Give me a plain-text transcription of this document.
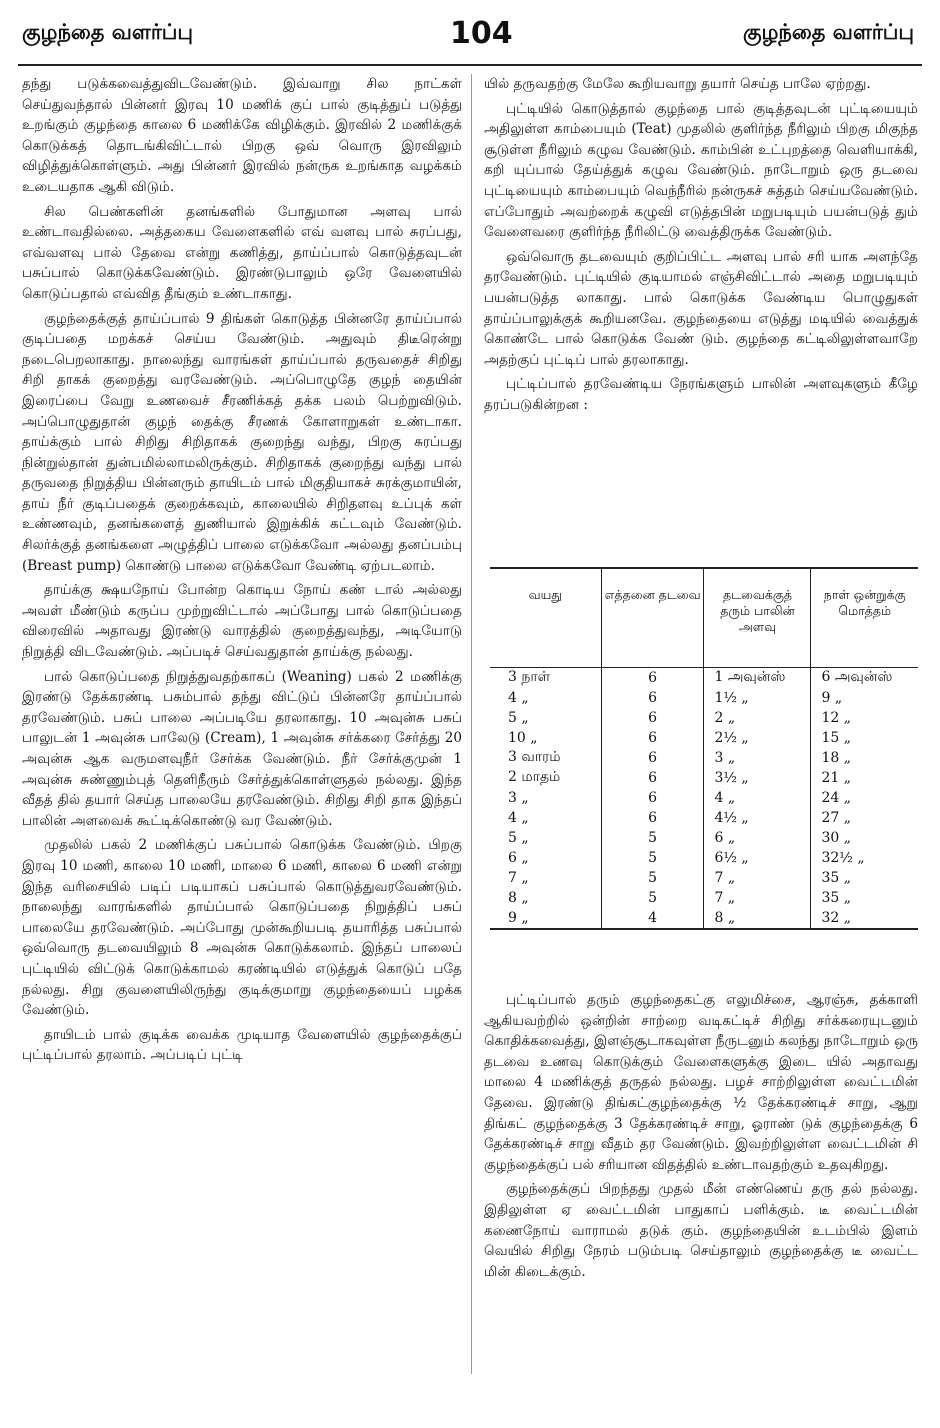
குழந்தை வளர்ப்பு	104	குழந்தை வளர்ப்பு

தந்து படுக்கவைத்துவிடவேண்டும். இவ்வாறு சில நாட்கள் செய்துவந்தால் பின்னர் இரவு 10 மணிக் குப் பால் குடித்துப் படுத்து உறங்கும் குழந்தை காலை 6 மணிக்கே விழிக்கும். இரவில் 2 மணிக்குக் கொடுக்கத் தொடங்கிவிட்டால் பிறகு ஒவ் வொரு இரவிலும் விழித்துக்கொள்ளும். அது பின்னர் இரவில் நன்ருக உறங்காத வழக்கம் உடையதாக ஆகி விடும்.

சில பெண்களின் தனங்களில் போதுமான அளவு பால் உண்டாவதில்லை. அத்தகைய வேளைகளில் எவ் வளவு பால் சுரப்பது, எவ்வளவு பால் தேவை என்று கணித்து, தாய்ப்பால் கொடுத்தவுடன் பசுப்பால் கொடுக்கவேண்டும். இரண்டுபாலும் ஒரே வேளையில் கொடுப்பதால் எவ்வித தீங்கும் உண்டாகாது.

குழந்தைக்குத் தாய்ப்பால் 9 திங்கள் கொடுத்த பின்னரே தாய்ப்பால் குடிப்பதை மறக்கச் செய்ய வேண்டும். அதுவும் திடீரென்று நடைபெறலாகாது. நாலைந்து வாரங்கள் தாய்ப்பால் தருவதைச் சிறிது சிறி தாகக் குறைத்து வரவேண்டும். அப்பொழுதே குழந் தையின் இரைப்பை வேறு உணவைச் சீரணிக்கத் தக்க பலம் பெற்றுவிடும். அப்பொழுதுதான் குழந் தைக்கு சீரணக் கோளாறுகள் உண்டாகா. தாய்க்கும் பால் சிறிது சிறிதாகக் குறைந்து வந்து, பிறகு சுரப்பது நின்றுல்தான் துன்பமில்லாமலிருக்கும். சிறிதாகக் குறைந்து வந்து பால் தருவதை நிறுத்திய பின்னரும் தாயிடம் பால் மிகுதியாகச் சுரக்குமாயின், தாய் நீர் குடிப்பதைக் குறைக்கவும், காலையில் சிறிதளவு உப்புக் கள் உண்ணவும், தனங்களைத் துணியால் இறுக்கிக் கட்டவும் வேண்டும். சிலர்க்குத் தனங்களை அழுத்திப் பாலை எடுக்கவோ அல்லது தனப்பம்பு (Breast pump) கொண்டு பாலை எடுக்கவோ வேண்டி ஏற்படலாம்.

தாய்க்கு க்ஷயநோய் போன்ற கொடிய நோய் கண் டால் அல்லது அவள் மீண்டும் கருப்ப முற்றுவிட்டால் அப்போது பால் கொடுப்பதை விரைவில் அதாவது இரண்டு வாரத்தில் குறைத்துவந்து, அடியோடு நிறுத்தி விடவேண்டும். அப்படிச் செய்வதுதான் தாய்க்கு நல்லது.

பால் கொடுப்பதை நிறுத்துவதற்காகப் (Weaning) பகல் 2 மணிக்கு இரண்டு தேக்கரண்டி பசும்பால் தந்து விட்டுப் பின்னரே தாய்ப்பால் தரவேண்டும். பசுப் பாலை அப்படியே தரலாகாது. 10 அவுன்சு பசுப் பாலுடன் 1 அவுன்சு பாலேடு (Cream), 1 அவுன்சு சர்க்கரை சேர்த்து 20 அவுன்சு ஆக வருமளவுநீர் சேர்க்க வேண்டும். நீர் சேர்க்குமுன் 1 அவுன்சு சுண்ணும்புத் தெளிநீரும் சேர்த்துக்கொள்ளுதல் நல்லது. இந்த வீதத் தில் தயார் செய்த பாலையே தரவேண்டும். சிறிது சிறி தாக இந்தப் பாலின் அளவைக் கூட்டிக்கொண்டு வர வேண்டும்.

முதலில் பகல் 2 மணிக்குப் பசுப்பால் கொடுக்க வேண்டும். பிறகு இரவு 10 மணி, காலை 10 மணி, மாலை 6 மணி, காலை 6 மணி என்று இந்த வரிசையில் படிப் படியாகப் பசுப்பால் கொடுத்துவரவேண்டும். நாலைந்து வாரங்களில் தாய்ப்பால் கொடுப்பதை நிறுத்திப் பசுப் பாலையே தரவேண்டும். அப்போது முன்கூறியபடி தயாரித்த பசுப்பால் ஒவ்வொரு தடவையிலும் 8 அவுன்சு கொடுக்கலாம். இந்தப் பாலைப் புட்டியில் விட்டுக் கொடுக்காமல் கரண்டியில் எடுத்துக் கொடுப் பதே நல்லது. சிறு குவளையிலிருந்து குடிக்குமாறு குழந்தையைப் பழக்க வேண்டும்.

தாயிடம் பால் குடிக்க வைக்க முடியாத வேளையில் குழந்தைக்குப் புட்டிப்பால் தரலாம். அப்படிப் புட்டி

யில் தருவதற்கு மேலே கூறியவாறு தயார் செய்த பாலே ஏற்றது.

புட்டியில் கொடுத்தால் குழந்தை பால் குடித்தவுடன் புட்டியையும் அதிலுள்ள காம்பையும் (Teat) முதலில் குளிர்ந்த நீரிலும் பிறகு மிகுந்த சூடுள்ள நீரிலும் கழுவ வேண்டும். காம்பின் உட்புறத்தை வெளியாக்கி, கறி யுப்பால் தேய்த்துக் கழுவ வேண்டும். நாடோறும் ஒரு தடவை புட்டியையும் காம்பையும் வெந்நீரில் நன்ருகச் சுத்தம் செய்யவேண்டும். எப்போதும் அவற்றைக் கழுவி எடுத்தபின் மறுபடியும் பயன்படுத் தும் வேளைவரை குளிர்ந்த நீரிலிட்டு வைத்திருக்க வேண்டும்.

ஒவ்வொரு தடவையும் குறிப்பிட்ட அளவு பால் சரி யாக அளந்தே தரவேண்டும். புட்டியில் குடியாமல் எஞ்சிவிட்டால் அதை மறுபடியும் பயன்படுத்த லாகாது. பால் கொடுக்க வேண்டிய பொழுதுகள் தாய்ப்பாலுக்குக் கூறியனவே. குழந்தையை எடுத்து மடியில் வைத்துக் கொண்டே பால் கொடுக்க வேண் டும். குழந்தை கட்டிலிலுள்ளவாறே அதற்குப் புட்டிப் பால் தரலாகாது.

புட்டிப்பால் தரவேண்டிய நேரங்களும் பாலின் அளவுகளும் கீழே தரப்படுகின்றன :

வயது	எத்தனை தடவை	தடவைக்குத் தரும் பாலின் அளவு	நாள் ஒன்றுக்கு மொத்தம்
3 நாள்	6	1 அவுன்ஸ்	6 அவுன்ஸ்
4 „	6	1½ „	9 „
5 „	6	2 „	12 „
10 „	6	2½ „	15 „
3 வாரம்	6	3 „	18 „
2 மாதம்	6	3½ „	21 „
3 „	6	4 „	24 „
4 „	6	4½ „	27 „
5 „	5	6 „	30 „
6 „	5	6½ „	32½ „
7 „	5	7 „	35 „
8 „	5	7 „	35 „
9 „	4	8 „	32 „

புட்டிப்பால் தரும் குழந்தைகட்கு எலுமிச்சை, ஆரஞ்சு, தக்காளி ஆகியவற்றில் ஒன்றின் சாற்றை வடிகட்டிச் சிறிது சர்க்கரையுடனும் கொதிக்கவைத்து, இளஞ்சூடாகவுள்ள நீருடனும் கலந்து நாடோறும் ஒரு தடவை உணவு கொடுக்கும் வேளைகளுக்கு இடை யில் அதாவது மாலை 4 மணிக்குத் தருதல் நல்லது. பழச் சாற்றிலுள்ள வைட்டமின் தேவை. இரண்டு திங்கட்குழந்தைக்கு ½ தேக்கரண்டிச் சாறு, ஆறு திங்கட் குழந்தைக்கு 3 தேக்கரண்டிச் சாறு, ஓராண் டுக் குழந்தைக்கு 6 தேக்கரண்டிச் சாறு வீதம் தர வேண்டும். இவற்றிலுள்ள வைட்டமின் சி குழந்தைக்குப் பல் சரியான விதத்தில் உண்டாவதற்கும் உதவுகிறது.

குழந்தைக்குப் பிறந்தது முதல் மீன் எண்ணெய் தரு தல் நல்லது. இதிலுள்ள ஏ வைட்டமின் பாதுகாப் பளிக்கும். டீ வைட்டமின் கணைநோய் வாராமல் தடுக் கும். குழந்தையின் உடம்பில் இளம் வெயில் சிறிது நேரம் படும்படி செய்தாலும் குழந்தைக்கு டீ வைட்ட மின் கிடைக்கும்.
